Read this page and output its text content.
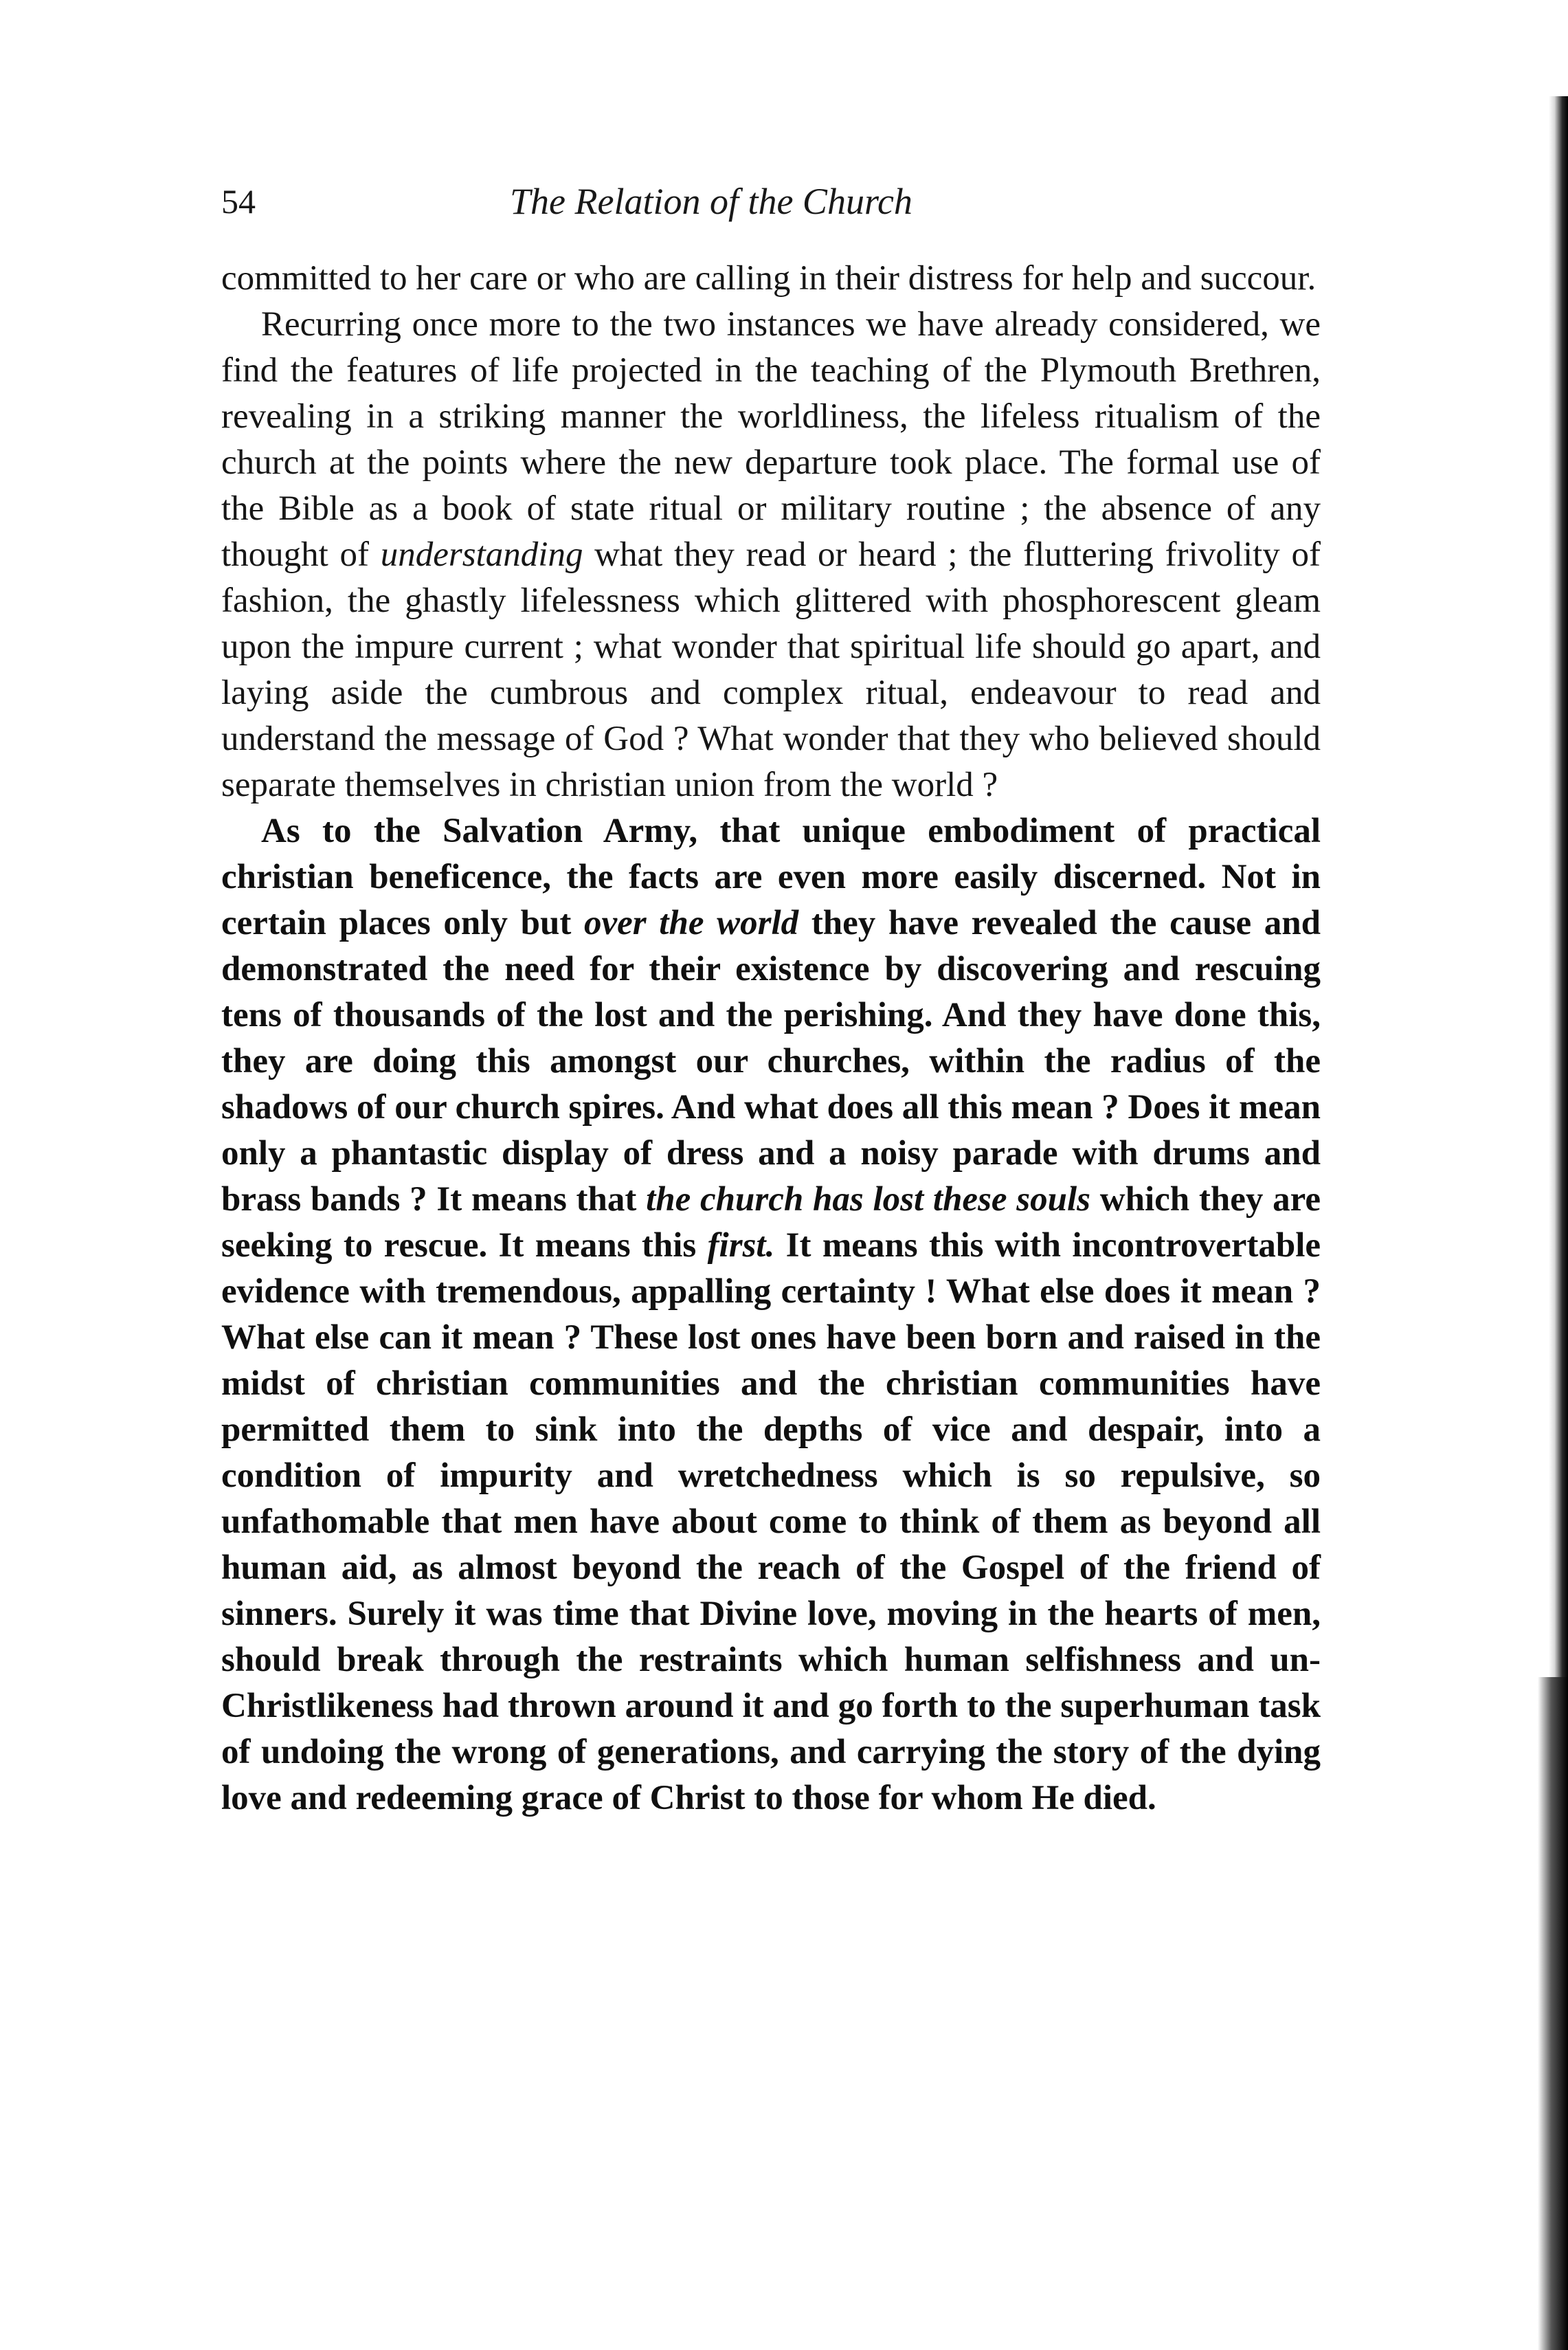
54	The Relation of the Church

committed to her care or who are calling in their distress for help and succour.

Recurring once more to the two instances we have already considered, we find the features of life projected in the teaching of the Plymouth Brethren, revealing in a striking manner the worldliness, the lifeless ritualism of the church at the points where the new departure took place. The formal use of the Bible as a book of state ritual or military routine ; the absence of any thought of understanding what they read or heard ; the fluttering frivolity of fashion, the ghastly lifelessness which glittered with phosphorescent gleam upon the impure current ; what wonder that spiritual life should go apart, and laying aside the cumbrous and complex ritual, endeavour to read and understand the message of God ? What wonder that they who believed should separate themselves in christian union from the world ?

As to the Salvation Army, that unique embodiment of practical christian beneficence, the facts are even more easily discerned. Not in certain places only but over the world they have revealed the cause and demonstrated the need for their existence by discovering and rescuing tens of thousands of the lost and the perishing. And they have done this, they are doing this amongst our churches, within the radius of the shadows of our church spires. And what does all this mean ? Does it mean only a phantastic display of dress and a noisy parade with drums and brass bands ? It means that the church has lost these souls which they are seeking to rescue. It means this first. It means this with incontrovertable evidence with tremendous, appalling certainty ! What else does it mean ? What else can it mean ? These lost ones have been born and raised in the midst of christian communities and the christian communities have permitted them to sink into the depths of vice and despair, into a condition of impurity and wretchedness which is so repulsive, so unfathomable that men have about come to think of them as beyond all human aid, as almost beyond the reach of the Gospel of the friend of sinners. Surely it was time that Divine love, moving in the hearts of men, should break through the restraints which human selfishness and un-Christlikeness had thrown around it and go forth to the superhuman task of undoing the wrong of generations, and carrying the story of the dying love and redeeming grace of Christ to those for whom He died.
